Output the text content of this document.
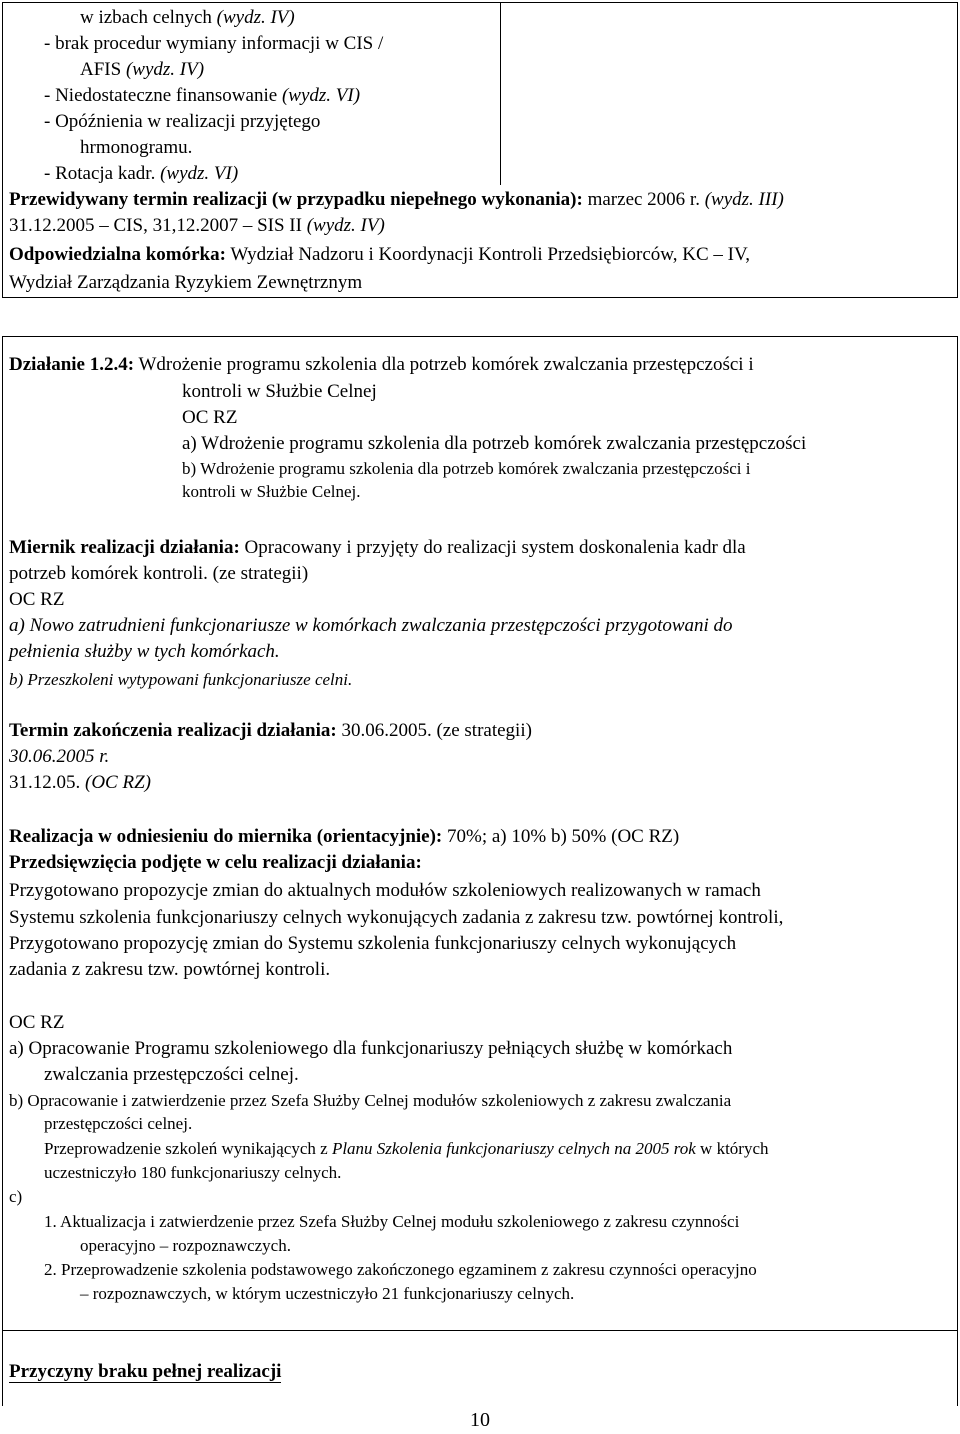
w izbach celnych (wydz. IV)
- brak procedur wymiany informacji w CIS /
AFIS (wydz. IV)
- Niedostateczne finansowanie (wydz. VI)
- Opóźnienia w realizacji przyjętego
hrmonogramu.
- Rotacja kadr. (wydz. VI)
Przewidywany termin realizacji (w przypadku niepełnego wykonania): marzec 2006 r. (wydz. III)
31.12.2005 – CIS, 31,12.2007 – SIS II (wydz. IV)
Odpowiedzialna komórka: Wydział Nadzoru i Koordynacji Kontroli Przedsiębiorców, KC – IV,
Wydział Zarządzania Ryzykiem Zewnętrznym
Działanie 1.2.4: Wdrożenie programu szkolenia dla potrzeb komórek zwalczania przestępczości i
kontroli w Służbie Celnej
OC RZ
a) Wdrożenie programu szkolenia dla potrzeb komórek zwalczania przestępczości
b) Wdrożenie programu szkolenia dla potrzeb komórek zwalczania przestępczości i
kontroli w Służbie Celnej.
Miernik realizacji działania: Opracowany i przyjęty do realizacji system doskonalenia kadr dla
potrzeb komórek kontroli. (ze strategii)
OC RZ
a) Nowo zatrudnieni funkcjonariusze w komórkach zwalczania przestępczości przygotowani do
pełnienia służby w tych komórkach.
b) Przeszkoleni wytypowani funkcjonariusze celni.
Termin zakończenia realizacji działania: 30.06.2005. (ze strategii)
30.06.2005 r.
31.12.05. (OC RZ)
Realizacja w odniesieniu do miernika (orientacyjnie): 70%; a) 10% b) 50% (OC RZ)
Przedsięwzięcia podjęte w celu realizacji działania:
Przygotowano propozycje zmian do aktualnych modułów szkoleniowych realizowanych w ramach
Systemu szkolenia funkcjonariuszy celnych wykonujących zadania z zakresu tzw. powtórnej kontroli,
Przygotowano propozycję zmian do Systemu szkolenia funkcjonariuszy celnych wykonujących
zadania z zakresu tzw. powtórnej kontroli.
OC RZ
a) Opracowanie Programu szkoleniowego dla funkcjonariuszy pełniących służbę w komórkach
zwalczania przestępczości celnej.
b) Opracowanie i zatwierdzenie przez Szefa Służby Celnej modułów szkoleniowych z zakresu zwalczania
przestępczości celnej.
Przeprowadzenie szkoleń wynikających z Planu Szkolenia funkcjonariuszy celnych na 2005 rok w których
uczestniczyło 180 funkcjonariuszy celnych.
c)
1. Aktualizacja i zatwierdzenie przez Szefa Służby Celnej modułu szkoleniowego z zakresu czynności
operacyjno – rozpoznawczych.
2. Przeprowadzenie szkolenia podstawowego zakończonego egzaminem z zakresu czynności operacyjno
– rozpoznawczych, w którym uczestniczyło 21 funkcjonariuszy celnych.
Przyczyny braku pełnej realizacji
10
